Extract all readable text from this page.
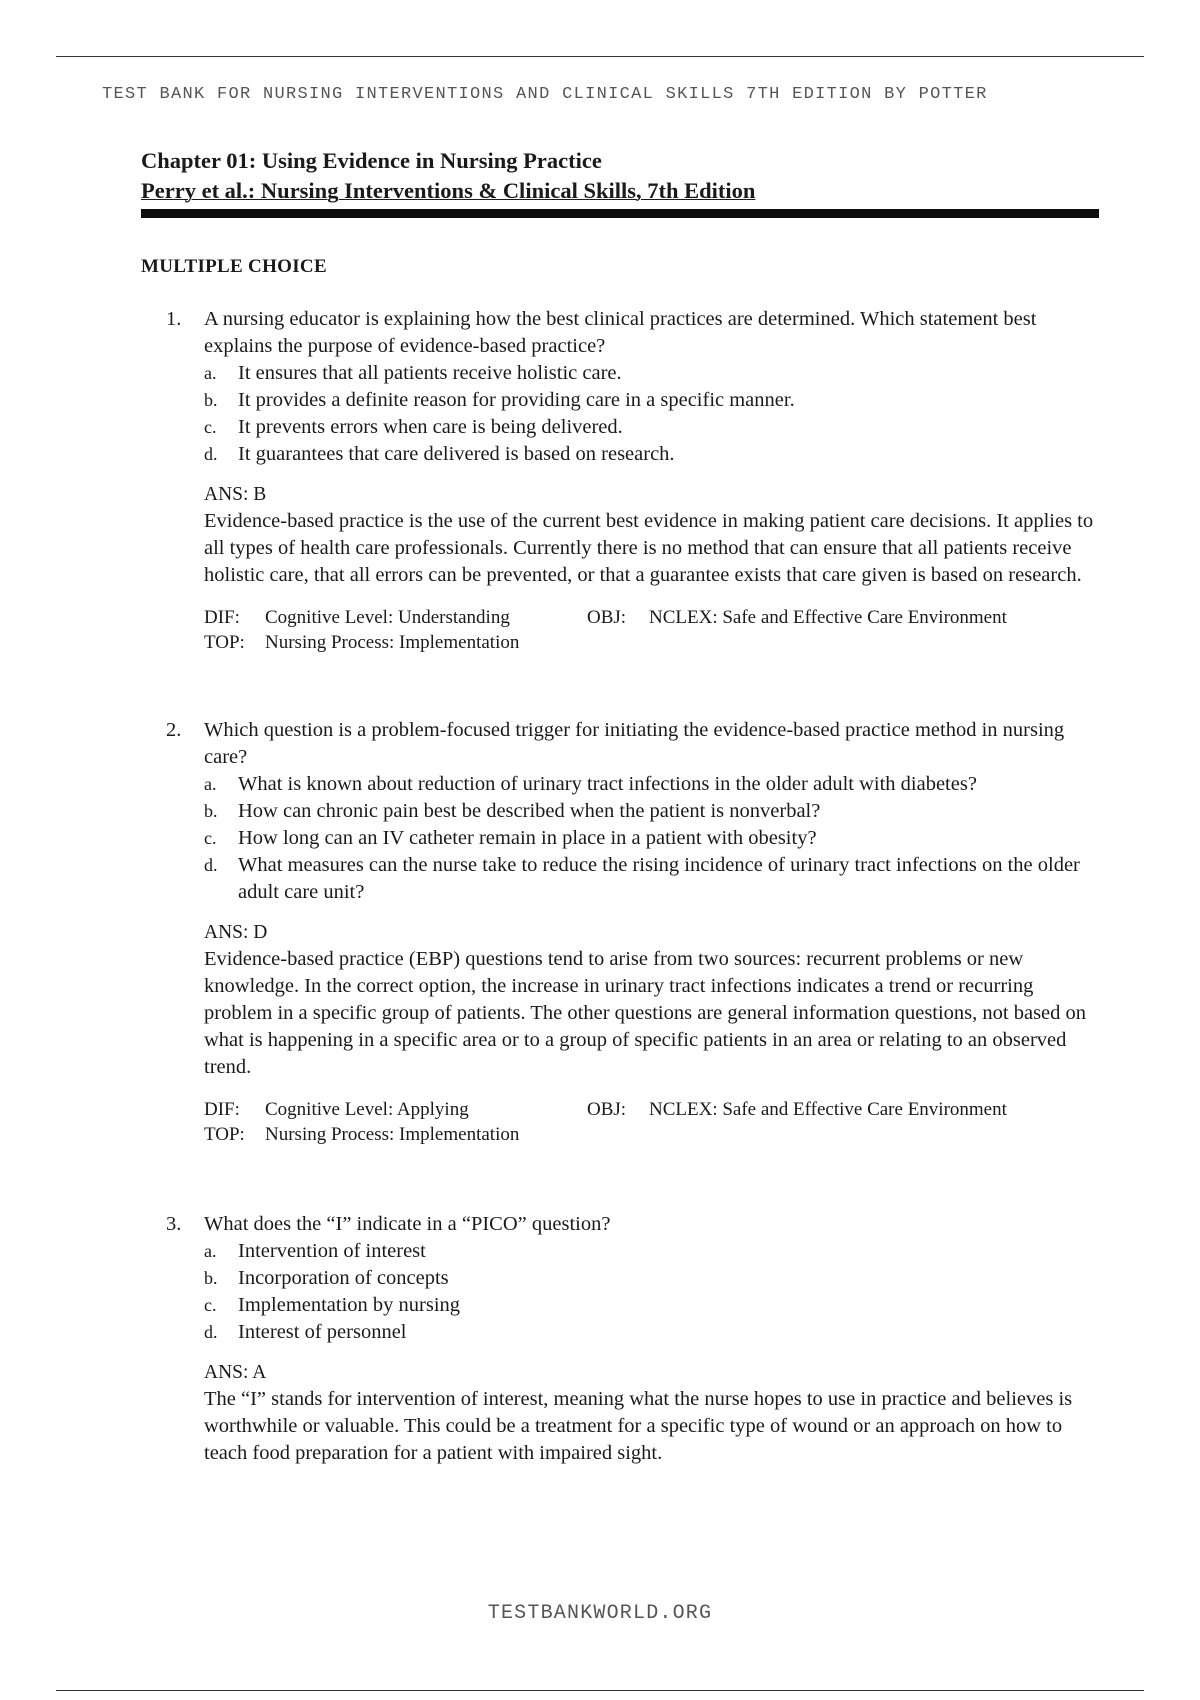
TEST BANK FOR NURSING INTERVENTIONS AND CLINICAL SKILLS 7TH EDITION BY POTTER
Chapter 01: Using Evidence in Nursing Practice
Perry et al.: Nursing Interventions & Clinical Skills, 7th Edition
MULTIPLE CHOICE
1.	A nursing educator is explaining how the best clinical practices are determined. Which statement best explains the purpose of evidence-based practice?
a.	It ensures that all patients receive holistic care.
b.	It provides a definite reason for providing care in a specific manner.
c.	It prevents errors when care is being delivered.
d.	It guarantees that care delivered is based on research.
ANS: B
Evidence-based practice is the use of the current best evidence in making patient care decisions. It applies to all types of health care professionals. Currently there is no method that can ensure that all patients receive holistic care, that all errors can be prevented, or that a guarantee exists that care given is based on research.
DIF: Cognitive Level: Understanding	OBJ: NCLEX: Safe and Effective Care Environment
TOP: Nursing Process: Implementation
2.	Which question is a problem-focused trigger for initiating the evidence-based practice method in nursing care?
a.	What is known about reduction of urinary tract infections in the older adult with diabetes?
b.	How can chronic pain best be described when the patient is nonverbal?
c.	How long can an IV catheter remain in place in a patient with obesity?
d.	What measures can the nurse take to reduce the rising incidence of urinary tract infections on the older adult care unit?
ANS: D
Evidence-based practice (EBP) questions tend to arise from two sources: recurrent problems or new knowledge. In the correct option, the increase in urinary tract infections indicates a trend or recurring problem in a specific group of patients. The other questions are general information questions, not based on what is happening in a specific area or to a group of specific patients in an area or relating to an observed trend.
DIF: Cognitive Level: Applying	OBJ: NCLEX: Safe and Effective Care Environment
TOP: Nursing Process: Implementation
3.	What does the “I” indicate in a “PICO” question?
a.	Intervention of interest
b.	Incorporation of concepts
c.	Implementation by nursing
d.	Interest of personnel
ANS: A
The “I” stands for intervention of interest, meaning what the nurse hopes to use in practice and believes is worthwhile or valuable. This could be a treatment for a specific type of wound or an approach on how to teach food preparation for a patient with impaired sight.
TESTBANKWORLD.ORG
